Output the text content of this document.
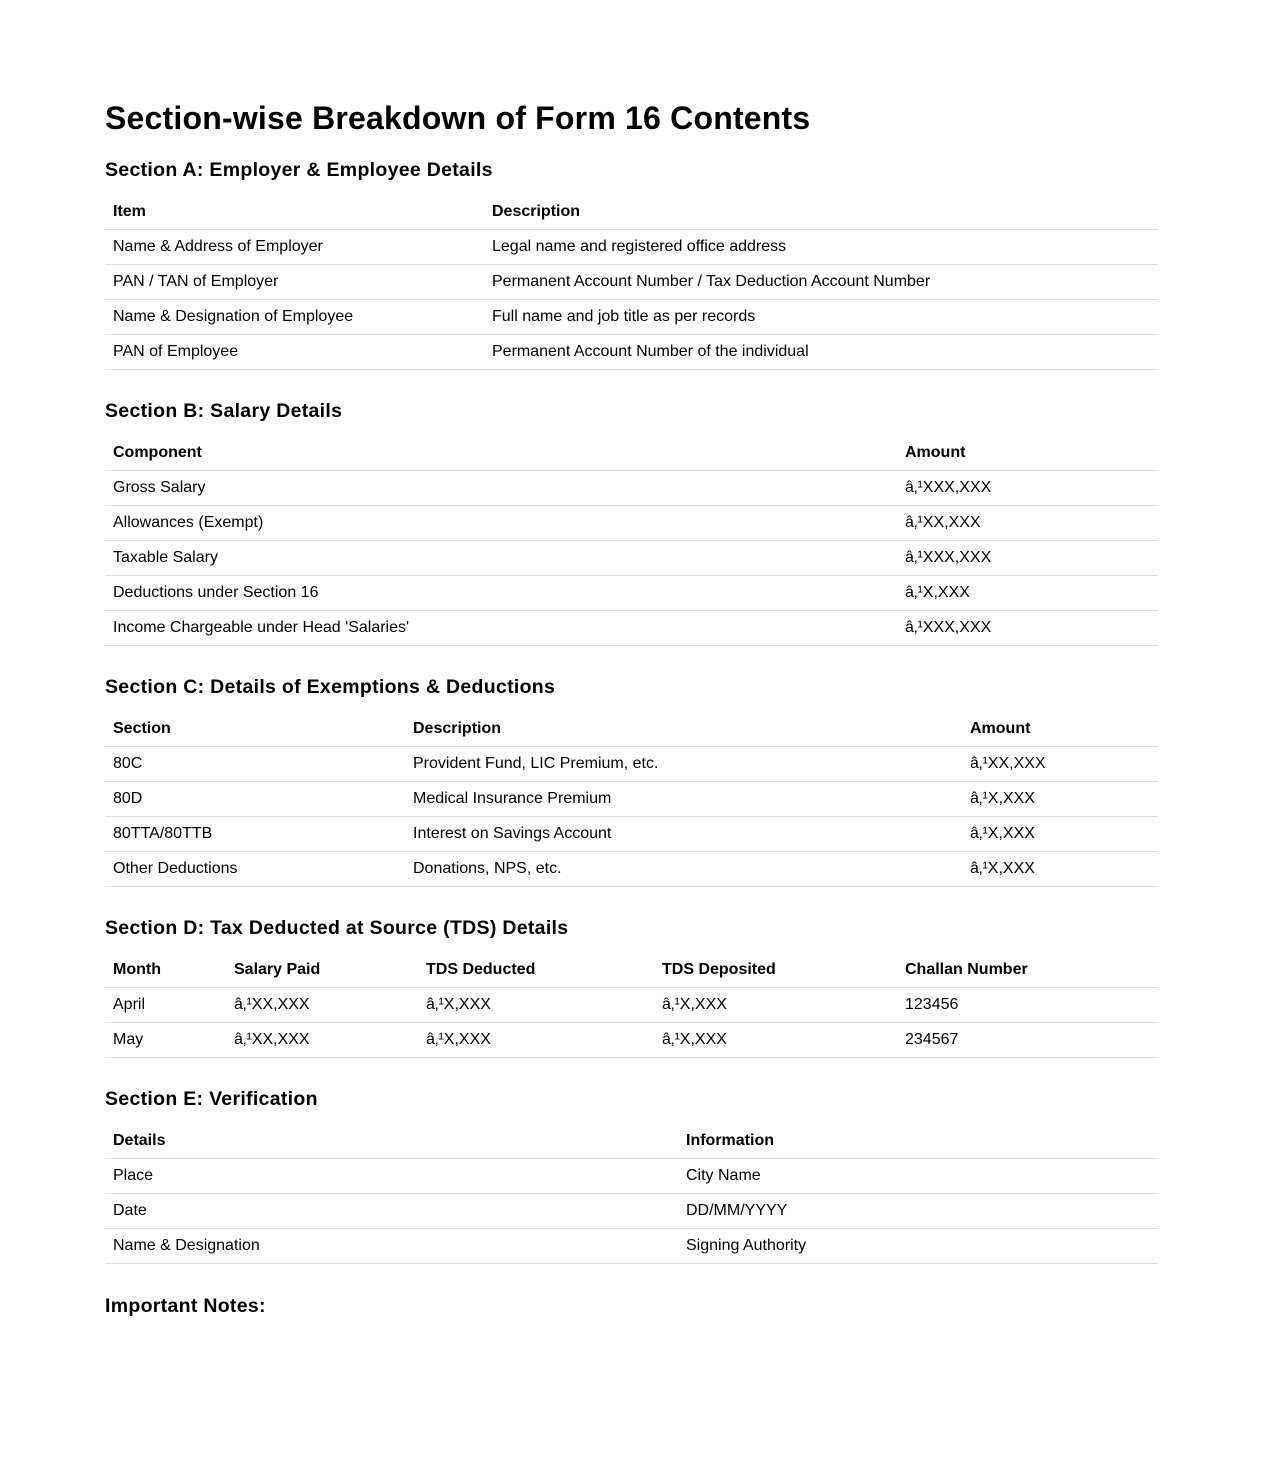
Section-wise Breakdown of Form 16 Contents
Section A: Employer & Employee Details
Item	Description
Name & Address of Employer	Legal name and registered office address
PAN / TAN of Employer	Permanent Account Number / Tax Deduction Account Number
Name & Designation of Employee	Full name and job title as per records
PAN of Employee	Permanent Account Number of the individual
Section B: Salary Details
Component	Amount
Gross Salary	â‚¹XXX,XXX
Allowances (Exempt)	â‚¹XX,XXX
Taxable Salary	â‚¹XXX,XXX
Deductions under Section 16	â‚¹X,XXX
Income Chargeable under Head 'Salaries'	â‚¹XXX,XXX
Section C: Details of Exemptions & Deductions
Section	Description	Amount
80C	Provident Fund, LIC Premium, etc.	â‚¹XX,XXX
80D	Medical Insurance Premium	â‚¹X,XXX
80TTA/80TTB	Interest on Savings Account	â‚¹X,XXX
Other Deductions	Donations, NPS, etc.	â‚¹X,XXX
Section D: Tax Deducted at Source (TDS) Details
Month	Salary Paid	TDS Deducted	TDS Deposited	Challan Number
April	â‚¹XX,XXX	â‚¹X,XXX	â‚¹X,XXX	123456
May	â‚¹XX,XXX	â‚¹X,XXX	â‚¹X,XXX	234567
Section E: Verification
Details	Information
Place	City Name
Date	DD/MM/YYYY
Name & Designation	Signing Authority
Important Notes:
